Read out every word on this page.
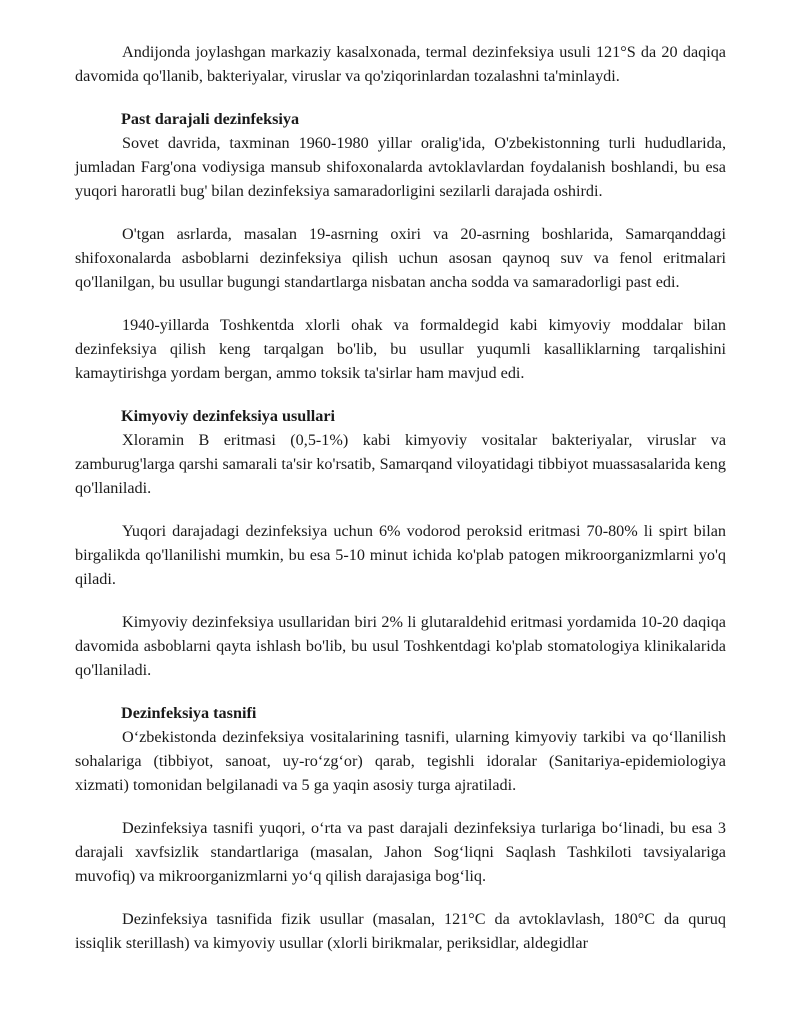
Andijonda joylashgan markaziy kasalxonada, termal dezinfeksiya usuli 121°S da 20 daqiqa davomida qo'llanib, bakteriyalar, viruslar va qo'ziqorinlardan tozalashni ta'minlaydi.

Past darajali dezinfeksiya

Sovet davrida, taxminan 1960-1980 yillar oralig'ida, O'zbekistonning turli hududlarida, jumladan Farg'ona vodiysiga mansub shifoxonalarda avtoklavlardan foydalanish boshlandi, bu esa yuqori haroratli bug' bilan dezinfeksiya samaradorligini sezilarli darajada oshirdi.

O'tgan asrlarda, masalan 19-asrning oxiri va 20-asrning boshlarida, Samarqanddagi shifoxonalarda asboblarni dezinfeksiya qilish uchun asosan qaynoq suv va fenol eritmalari qo'llanilgan, bu usullar bugungi standartlarga nisbatan ancha sodda va samaradorligi past edi.

1940-yillarda Toshkentda xlorli ohak va formaldegid kabi kimyoviy moddalar bilan dezinfeksiya qilish keng tarqalgan bo'lib, bu usullar yuqumli kasalliklarning tarqalishini kamaytirishga yordam bergan, ammo toksik ta'sirlar ham mavjud edi.

Kimyoviy dezinfeksiya usullari

Xloramin B eritmasi (0,5-1%) kabi kimyoviy vositalar bakteriyalar, viruslar va zamburug'larga qarshi samarali ta'sir ko'rsatib, Samarqand viloyatidagi tibbiyot muassasalarida keng qo'llaniladi.

Yuqori darajadagi dezinfeksiya uchun 6% vodorod peroksid eritmasi 70-80% li spirt bilan birgalikda qo'llanilishi mumkin, bu esa 5-10 minut ichida ko'plab patogen mikroorganizmlarni yo'q qiladi.

Kimyoviy dezinfeksiya usullaridan biri 2% li glutaraldehid eritmasi yordamida 10-20 daqiqa davomida asboblarni qayta ishlash bo'lib, bu usul Toshkentdagi ko'plab stomatologiya klinikalarida qo'llaniladi.

Dezinfeksiya tasnifi

O‘zbekistonda dezinfeksiya vositalarining tasnifi, ularning kimyoviy tarkibi va qo‘llanilish sohalariga (tibbiyot, sanoat, uy-ro‘zg‘or) qarab, tegishli idoralar (Sanitariya-epidemiologiya xizmati) tomonidan belgilanadi va 5 ga yaqin asosiy turga ajratiladi.

Dezinfeksiya tasnifi yuqori, o‘rta va past darajali dezinfeksiya turlariga bo‘linadi, bu esa 3 darajali xavfsizlik standartlariga (masalan, Jahon Sog‘liqni Saqlash Tashkiloti tavsiyalariga muvofiq) va mikroorganizmlarni yo‘q qilish darajasiga bog‘liq.

Dezinfeksiya tasnifida fizik usullar (masalan, 121°C da avtoklavlash, 180°C da quruq issiqlik sterillash) va kimyoviy usullar (xlorli birikmalar, periksidlar, aldegidlar
